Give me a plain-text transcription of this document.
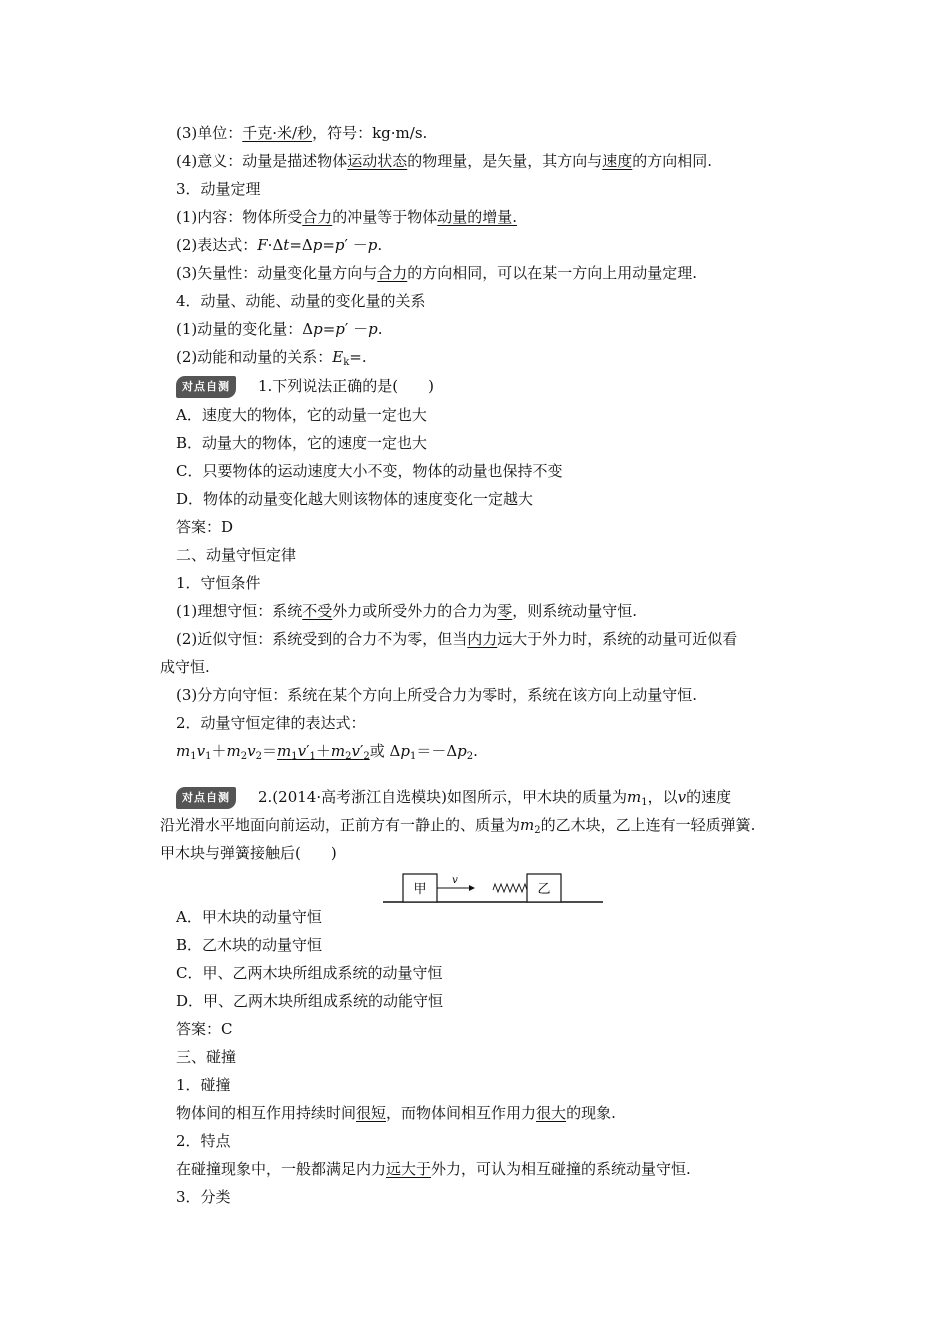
(3)单位：千克·米/秒，符号：kg·m/s.
(4)意义：动量是描述物体运动状态的物理量，是矢量，其方向与速度的方向相同.
3．动量定理
(1)内容：物体所受合力的冲量等于物体动量的增量.
(2)表达式：F·Δt=Δp=p′ －p.
(3)矢量性：动量变化量方向与合力的方向相同，可以在某一方向上用动量定理.
4．动量、动能、动量的变化量的关系
(1)动量的变化量：Δp=p′ －p.
(2)动能和动量的关系：$E_k=$.
对点自测 1.下列说法正确的是(　　)
A．速度大的物体，它的动量一定也大
B．动量大的物体，它的速度一定也大
C．只要物体的运动速度大小不变，物体的动量也保持不变
D．物体的动量变化越大则该物体的速度变化一定越大
答案：D
二、动量守恒定律
1．守恒条件
(1)理想守恒：系统不受外力或所受外力的合力为零，则系统动量守恒.
(2)近似守恒：系统受到的合力不为零，但当内力远大于外力时，系统的动量可近似看
成守恒.
(3)分方向守恒：系统在某个方向上所受合力为零时，系统在该方向上动量守恒.
2．动量守恒定律的表达式：
$m_1v_1+m_2v_2=m_1v'_1+m_2v'_2$或 $\Delta p_1=-\Delta p_2$.
对点自测 2.(2014·高考浙江自选模块)如图所示，甲木块的质量为$m_1$，以v的速度
沿光滑水平地面向前运动，正前方有一静止的、质量为$m_2$的乙木块，乙上连有一轻质弹簧.
甲木块与弹簧接触后(　　)
甲
v
乙
A．甲木块的动量守恒
B．乙木块的动量守恒
C．甲、乙两木块所组成系统的动量守恒
D．甲、乙两木块所组成系统的动能守恒
答案：C
三、碰撞
1．碰撞
物体间的相互作用持续时间很短，而物体间相互作用力很大的现象.
2．特点
在碰撞现象中，一般都满足内力远大于外力，可认为相互碰撞的系统动量守恒.
3．分类
